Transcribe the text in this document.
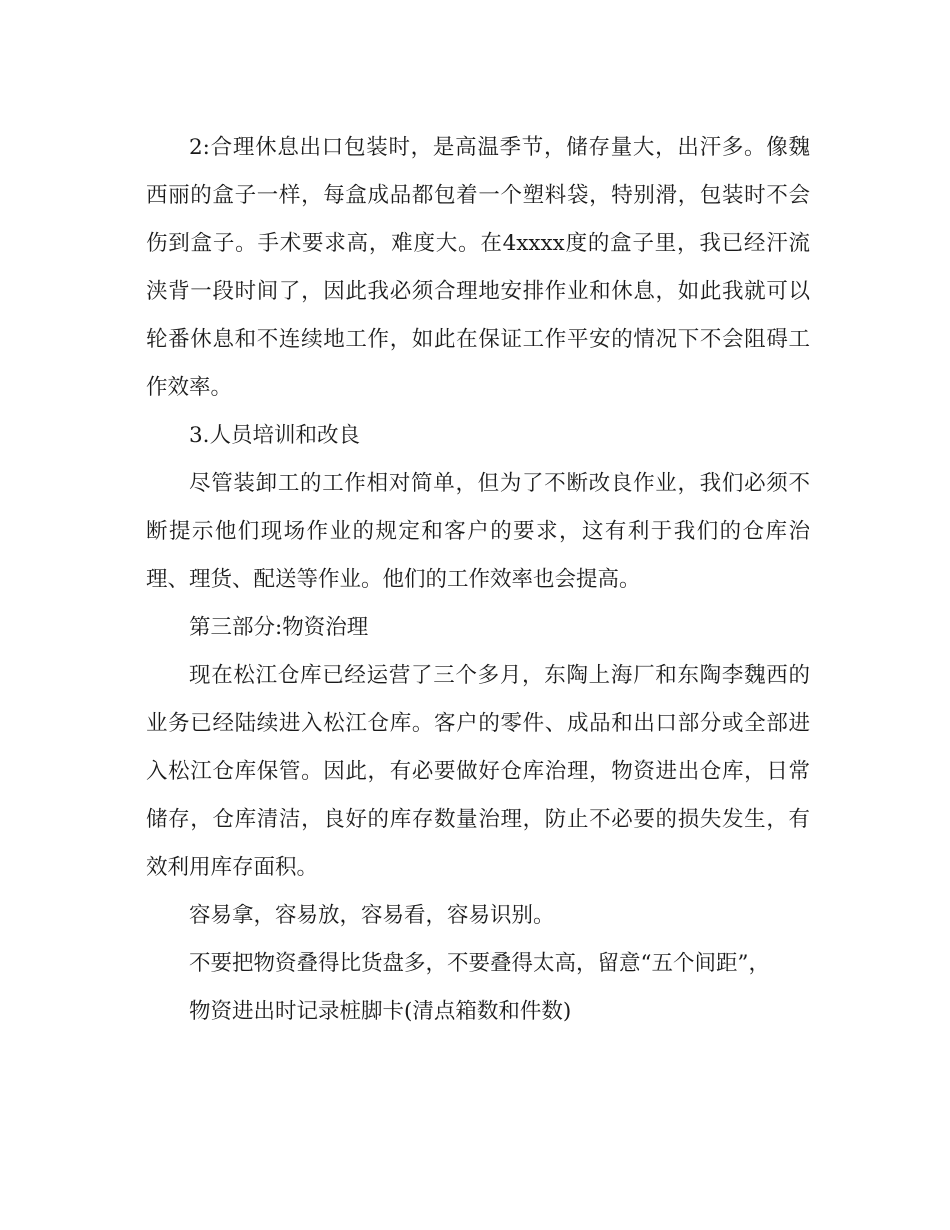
2:合理休息出口包装时，是高温季节，储存量大，出汗多。像魏西丽的盒子一样，每盒成品都包着一个塑料袋，特别滑，包装时不会伤到盒子。手术要求高，难度大。在4xxxx度的盒子里，我已经汗流浃背一段时间了，因此我必须合理地安排作业和休息，如此我就可以轮番休息和不连续地工作，如此在保证工作平安的情况下不会阻碍工作效率。

3.人员培训和改良

尽管装卸工的工作相对简单，但为了不断改良作业，我们必须不断提示他们现场作业的规定和客户的要求，这有利于我们的仓库治理、理货、配送等作业。他们的工作效率也会提高。

第三部分:物资治理

现在松江仓库已经运营了三个多月，东陶上海厂和东陶李魏西的业务已经陆续进入松江仓库。客户的零件、成品和出口部分或全部进入松江仓库保管。因此，有必要做好仓库治理，物资进出仓库，日常储存，仓库清洁，良好的库存数量治理，防止不必要的损失发生，有效利用库存面积。

容易拿，容易放，容易看，容易识别。

不要把物资叠得比货盘多，不要叠得太高，留意“五个间距”，

物资进出时记录桩脚卡(清点箱数和件数)
